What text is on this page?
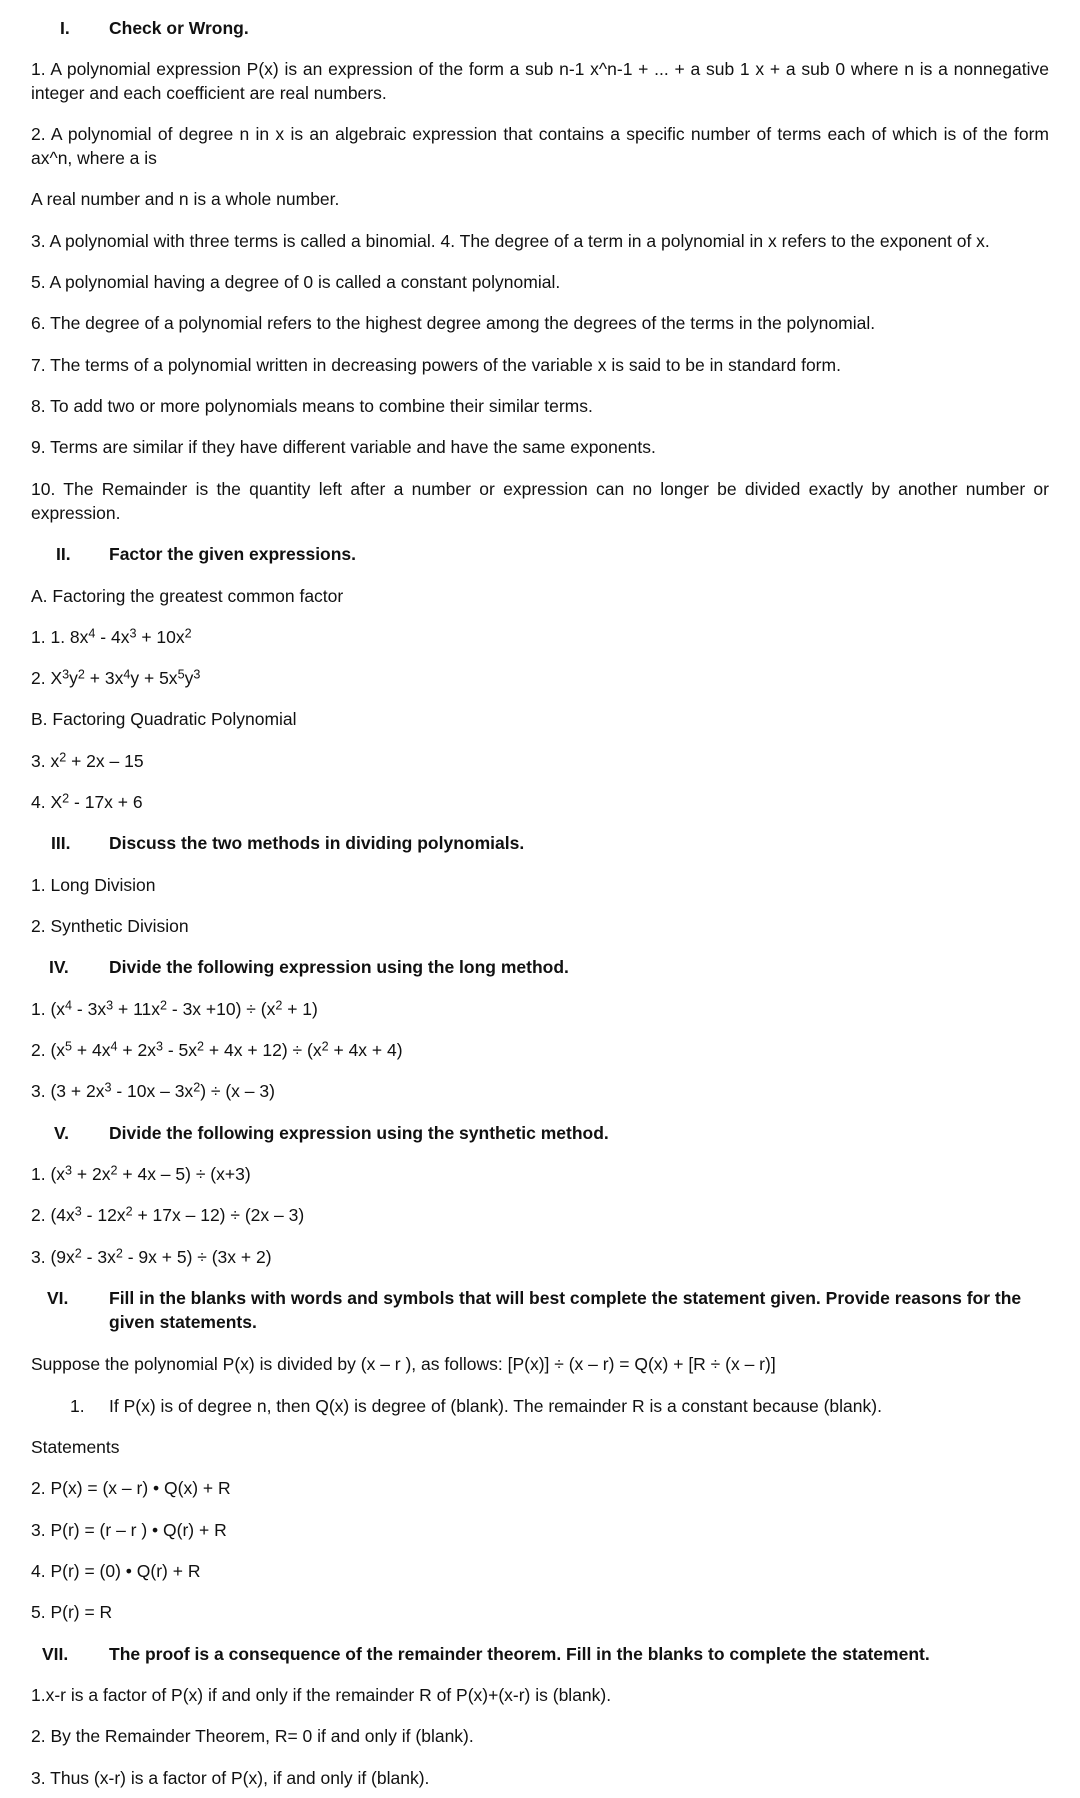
I. Check or Wrong.

1. A polynomial expression P(x) is an expression of the form a sub n-1 x^n-1 + ... + a sub 1 x + a sub 0 where n is a nonnegative integer and each coefficient are real numbers.

2. A polynomial of degree n in x is an algebraic expression that contains a specific number of terms each of which is of the form ax^n, where a is

A real number and n is a whole number.

3. A polynomial with three terms is called a binomial. 4. The degree of a term in a polynomial in x refers to the exponent of x.

5. A polynomial having a degree of 0 is called a constant polynomial.

6. The degree of a polynomial refers to the highest degree among the degrees of the terms in the polynomial.

7. The terms of a polynomial written in decreasing powers of the variable x is said to be in standard form.

8. To add two or more polynomials means to combine their similar terms.

9. Terms are similar if they have different variable and have the same exponents.

10. The Remainder is the quantity left after a number or expression can no longer be divided exactly by another number or expression.

II. Factor the given expressions.

A. Factoring the greatest common factor

1. 1. $8x^4 - 4x^3 + 10x^2$

2. $X^3y^2 + 3x^4y + 5x^5y^3$

B. Factoring Quadratic Polynomial

3. $x^2 + 2x - 15$

4. $X^2 - 17x + 6$

III. Discuss the two methods in dividing polynomials.

1. Long Division

2. Synthetic Division

IV. Divide the following expression using the long method.

1. $(x^4 - 3x^3 + 11x^2 - 3x +10) \div (x^2 + 1)$

2. $(x^5 + 4x^4 + 2x^3 - 5x^2 + 4x + 12) \div (x^2 + 4x + 4)$

3. $(3 + 2x^3 - 10x - 3x^2) \div (x - 3)$

V. Divide the following expression using the synthetic method.

1. $(x^3 + 2x^2 + 4x - 5) \div (x+3)$

2. $(4x^3 - 12x^2 + 17x - 12) \div (2x - 3)$

3. $(9x^2 - 3x^2 - 9x + 5) \div (3x + 2)$

VI. Fill in the blanks with words and symbols that will best complete the statement given. Provide reasons for the given statements.

Suppose the polynomial P(x) is divided by (x – r ), as follows: [P(x)] ÷ (x – r) = Q(x) + [R ÷ (x – r)]

1. If P(x) is of degree n, then Q(x) is degree of (blank). The remainder R is a constant because (blank).

Statements

2. P(x) = (x – r) • Q(x) + R

3. P(r) = (r – r ) • Q(r) + R

4. P(r) = (0) • Q(r) + R

5. P(r) = R

VII. The proof is a consequence of the remainder theorem. Fill in the blanks to complete the statement.

1.x-r is a factor of P(x) if and only if the remainder R of P(x)+(x-r) is (blank).

2. By the Remainder Theorem, R= 0 if and only if (blank).

3. Thus (x-r) is a factor of P(x), if and only if (blank).
